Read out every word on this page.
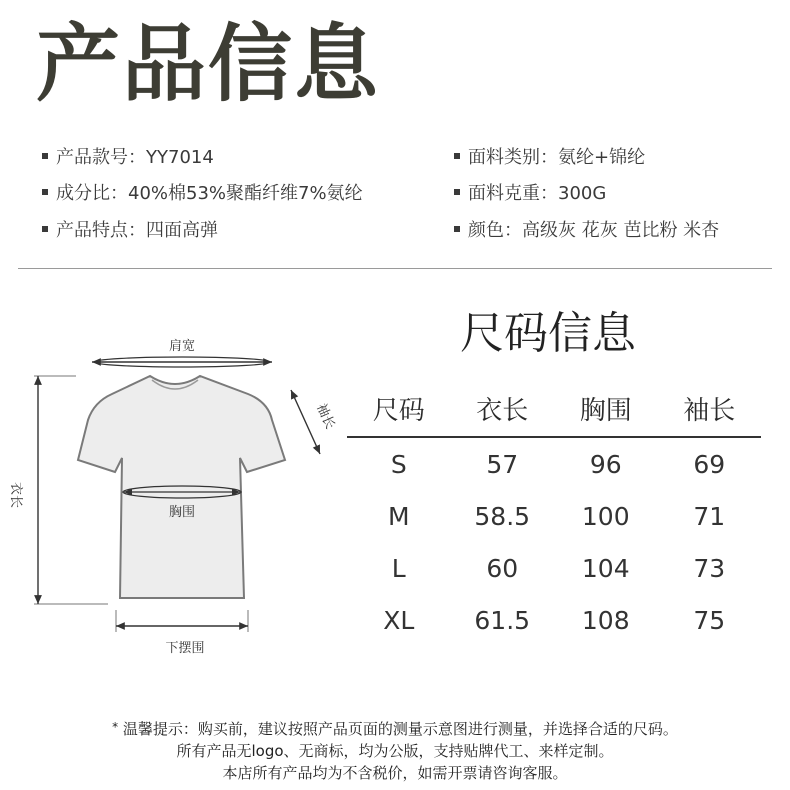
产品信息
产品款号：YY7014
成分比：40%棉53%聚酯纤维7%氨纶
产品特点：四面高弹
面料类别：氨纶+锦纶
面料克重：300G
颜色：高级灰 花灰 芭比粉 米杏
肩宽
袖长
衣长
胸围
下摆围
尺码信息
尺码	衣长	胸围	袖长
S	57	96	69
M	58.5	100	71
L	60	104	73
XL	61.5	108	75
* 温馨提示：购买前，建议按照产品页面的测量示意图进行测量，并选择合适的尺码。
所有产品无logo、无商标，均为公版，支持贴牌代工、来样定制。
本店所有产品均为不含税价，如需开票请咨询客服。
